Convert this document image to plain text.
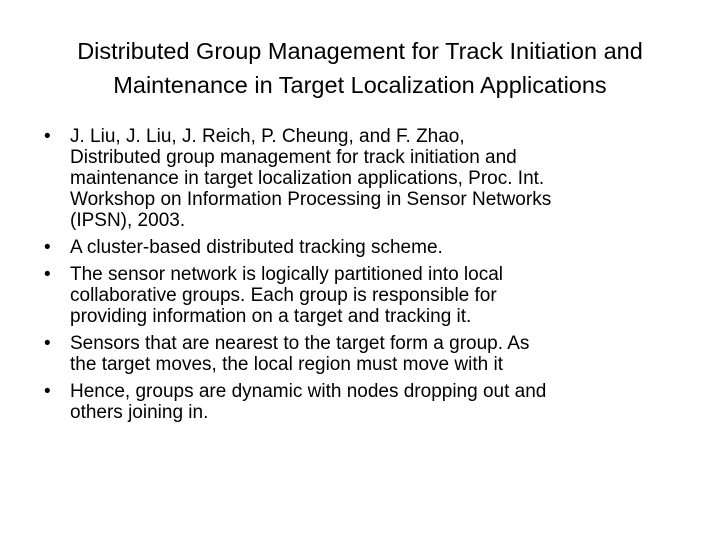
Distributed Group Management for Track Initiation and
Maintenance in Target Localization Applications
•	J. Liu, J. Liu, J. Reich, P. Cheung, and F. Zhao,
Distributed group management for track initiation and
maintenance in target localization applications, Proc. Int.
Workshop on Information Processing in Sensor Networks
(IPSN), 2003.
•	A cluster-based distributed tracking scheme.
•	The sensor network is logically partitioned into local
collaborative groups. Each group is responsible for
providing information on a target and tracking it.
•	Sensors that are nearest to the target form a group. As
the target moves, the local region must move with it
•	Hence, groups are dynamic with nodes dropping out and
others joining in.
